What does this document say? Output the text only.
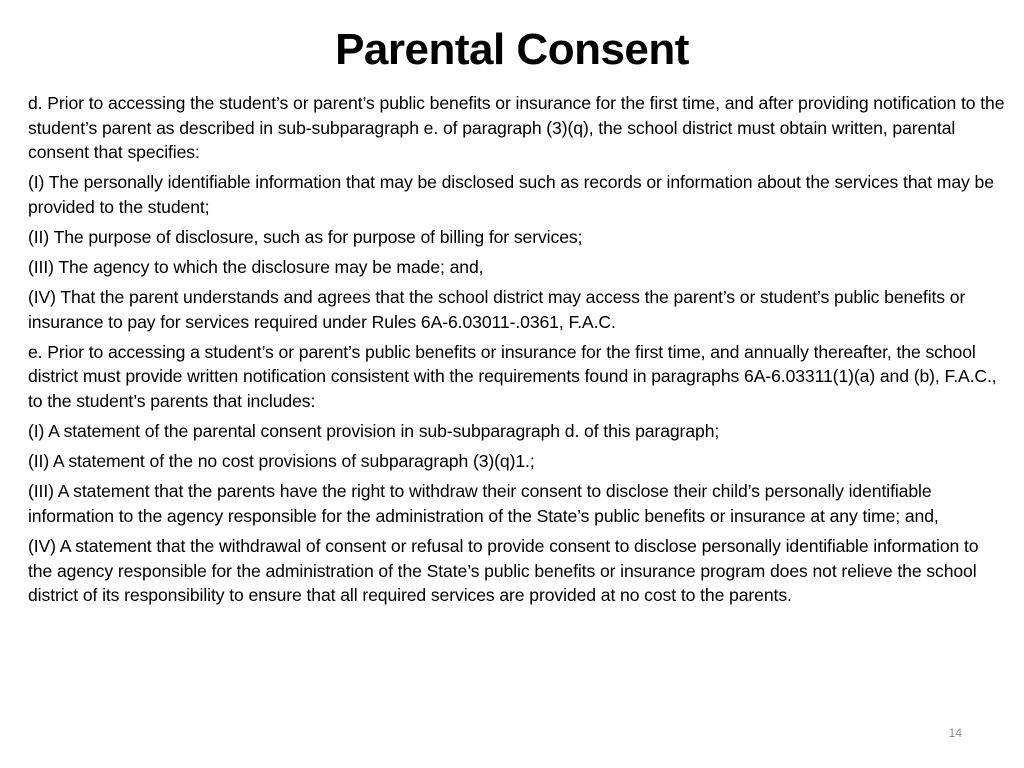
Parental Consent

d. Prior to accessing the student’s or parent’s public benefits or insurance for the first time, and after providing notification to the student’s parent as described in sub-subparagraph e. of paragraph (3)(q), the school district must obtain written, parental consent that specifies:

(I) The personally identifiable information that may be disclosed such as records or information about the services that may be provided to the student;

(II) The purpose of disclosure, such as for purpose of billing for services;

(III) The agency to which the disclosure may be made; and,

(IV) That the parent understands and agrees that the school district may access the parent’s or student’s public benefits or insurance to pay for services required under Rules 6A-6.03011-.0361, F.A.C.

e. Prior to accessing a student’s or parent’s public benefits or insurance for the first time, and annually thereafter, the school district must provide written notification consistent with the requirements found in paragraphs 6A-6.03311(1)(a) and (b), F.A.C., to the student’s parents that includes:

(I) A statement of the parental consent provision in sub-subparagraph d. of this paragraph;

(II) A statement of the no cost provisions of subparagraph (3)(q)1.;

(III) A statement that the parents have the right to withdraw their consent to disclose their child’s personally identifiable information to the agency responsible for the administration of the State’s public benefits or insurance at any time; and,

(IV) A statement that the withdrawal of consent or refusal to provide consent to disclose personally identifiable information to the agency responsible for the administration of the State’s public benefits or insurance program does not relieve the school district of its responsibility to ensure that all required services are provided at no cost to the parents.

14
